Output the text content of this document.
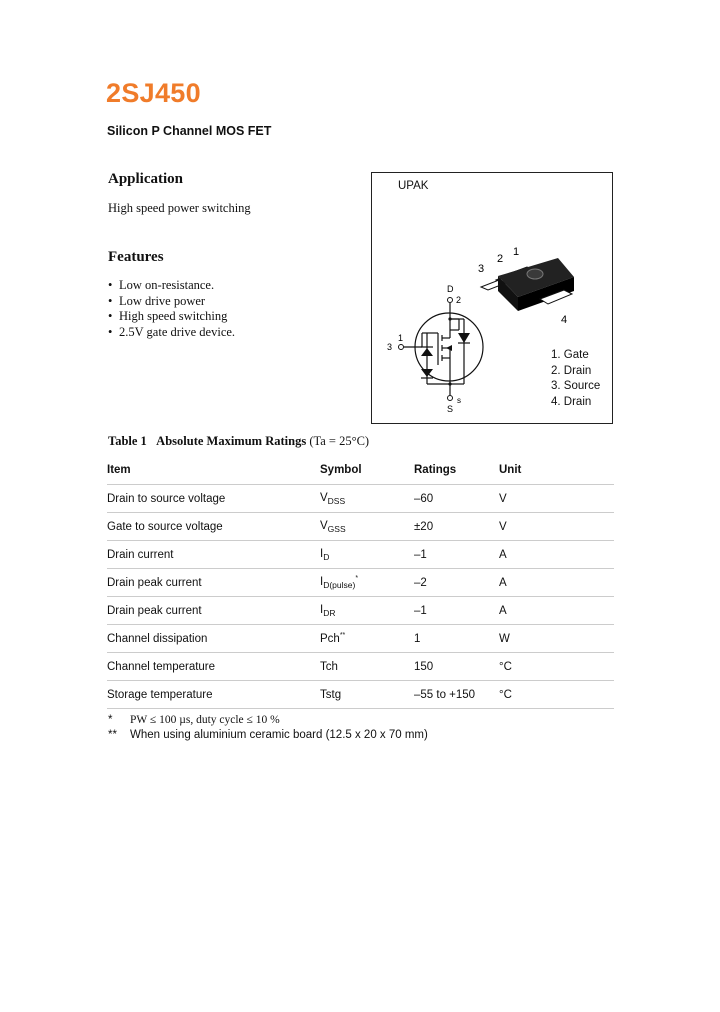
2SJ450
Silicon P Channel MOS FET
Application
High speed power switching
Features
• Low on-resistance.
• Low drive power
• High speed switching
• 2.5V gate drive device.
UPAK
1
2
3
4
D
2
1
3
s
S
1. Gate
2. Drain
3. Source
4. Drain
Table 1 Absolute Maximum Ratings (Ta = 25°C)
Item	Symbol	Ratings	Unit
Drain to source voltage	$V_{DSS}$	–60	V
Gate to source voltage	$V_{GSS}$	±20	V
Drain current	$I_D$	–1	A
Drain peak current	$I_{D(pulse)}^*$	–2	A
Drain peak current	$I_{DR}$	–1	A
Channel dissipation	Pch**	1	W
Channel temperature	Tch	150	°C
Storage temperature	Tstg	–55 to +150	°C
* PW ≤ 100 µs, duty cycle ≤ 10 %
** When using aluminium ceramic board (12.5 x 20 x 70 mm)
